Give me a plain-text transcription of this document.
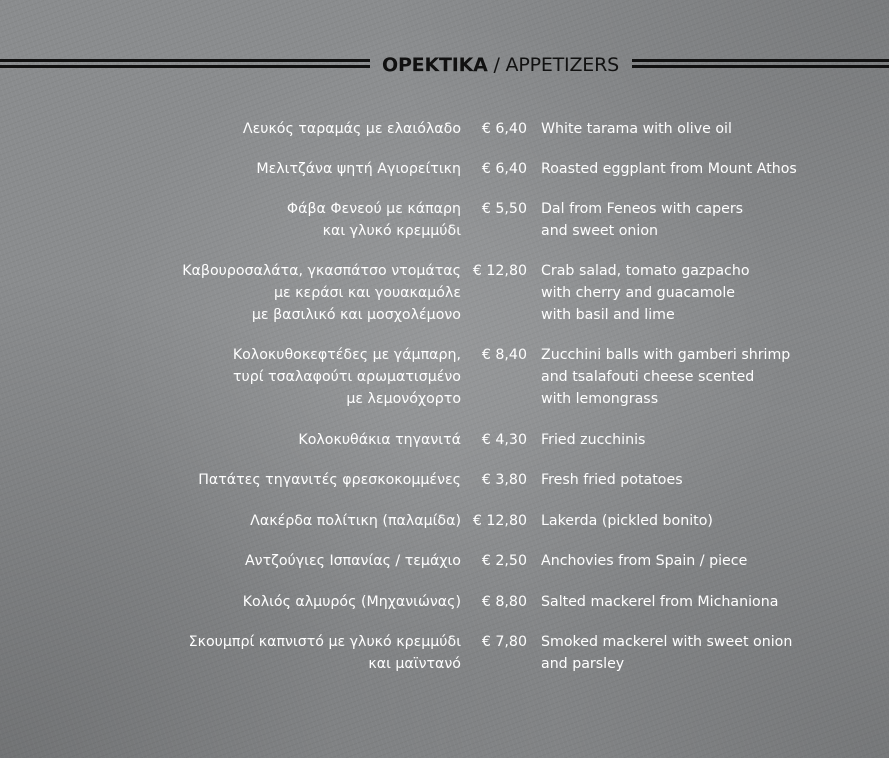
ΟΡΕΚΤΙΚΑ / APPETIZERS
Λευκός ταραμάς με ελαιόλαδο € 6,40 White tarama with olive oil
Μελιτζάνα ψητή Αγιορείτικη € 6,40 Roasted eggplant from Mount Athos
Φάβα Φενεού με κάπαρη
και γλυκό κρεμμύδι
€ 5,50 Dal from Feneos with capers
and sweet onion
Καβουροσαλάτα, γκασπάτσο ντομάτας
με κεράσι και γουακαμόλε
με βασιλικό και μοσχολέμονο
€ 12,80 Crab salad, tomato gazpacho
with cherry and guacamole
with basil and lime
Κολοκυθοκεφτέδες με γάμπαρη,
τυρί τσαλαφούτι αρωματισμένο
με λεμονόχορτο
€ 8,40 Zucchini balls with gamberi shrimp
and tsalafouti cheese scented
with lemongrass
Κολοκυθάκια τηγανιτά € 4,30 Fried zucchinis
Πατάτες τηγανιτές φρεσκοκομμένες € 3,80 Fresh fried potatoes
Λακέρδα πολίτικη (παλαμίδα) € 12,80 Lakerda (pickled bonito)
Αντζούγιες Ισπανίας / τεμάχιο € 2,50 Anchovies from Spain / piece
Κολιός αλμυρός (Μηχανιώνας) € 8,80 Salted mackerel from Michaniona
Σκουμπρί καπνιστό με γλυκό κρεμμύδι
και μαϊντανό
€ 7,80 Smoked mackerel with sweet onion
and parsley
